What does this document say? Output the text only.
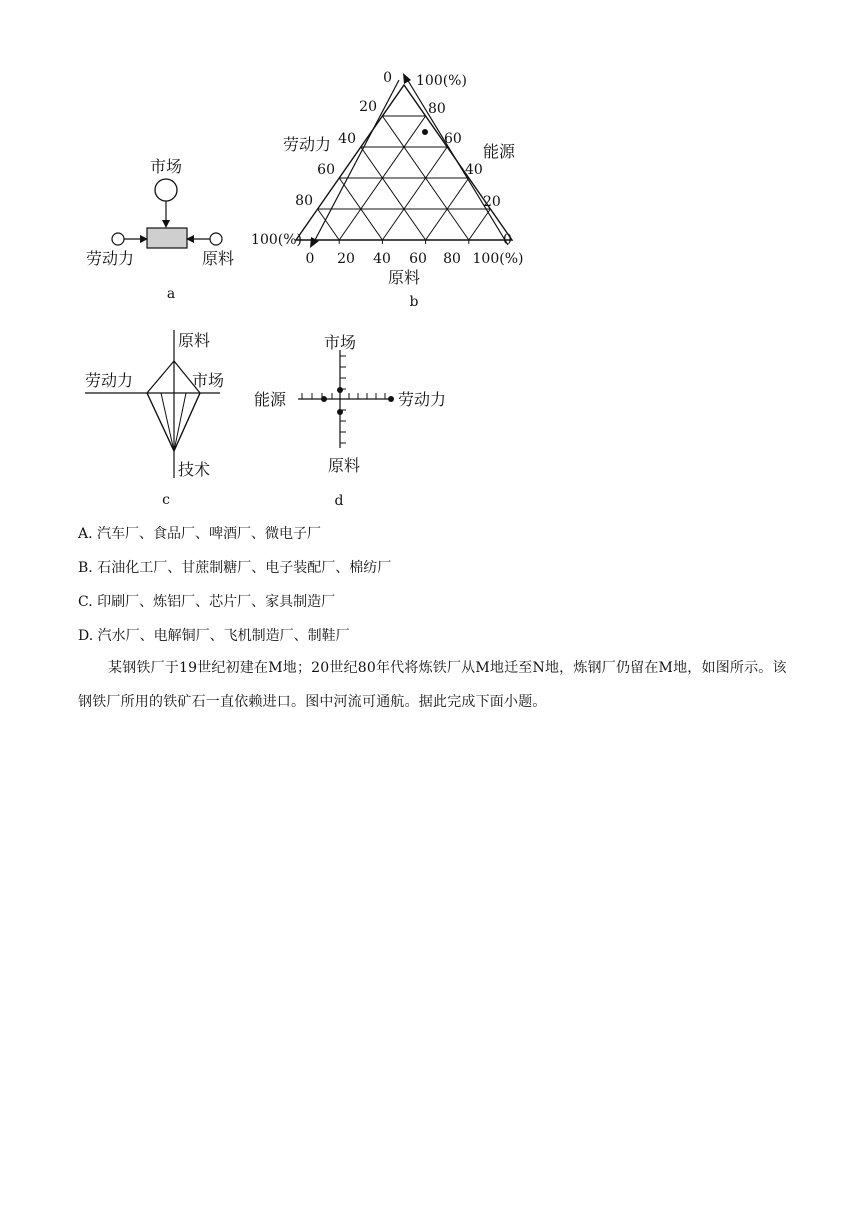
市场
劳动力	原料
a
0
20
40
60
80
100(%)
100(%)
80
60
40
20
0
0 20 40 60 80 100(%)
劳动力	能源
原料
b
原料
劳动力	市场
技术
c
市场
能源	劳动力
原料
d
A. 汽车厂、食品厂、啤酒厂、微电子厂
B. 石油化工厂、甘蔗制糖厂、电子装配厂、棉纺厂
C. 印刷厂、炼铝厂、芯片厂、家具制造厂
D. 汽水厂、电解铜厂、飞机制造厂、制鞋厂
某钢铁厂于19世纪初建在M地；20世纪80年代将炼铁厂从M地迁至N地，炼钢厂仍留在M地，如图所示。该钢铁厂所用的铁矿石一直依赖进口。图中河流可通航。据此完成下面小题。
